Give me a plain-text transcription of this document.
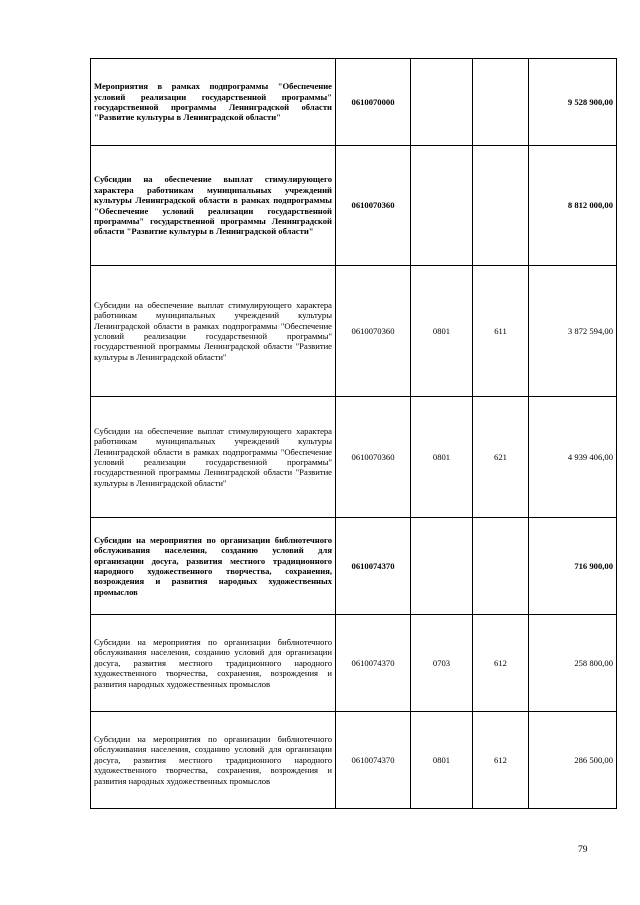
Мероприятия в рамках подпрограммы "Обеспечение условий реализации государственной программы" государственной программы Ленинградской области "Развитие культуры в Ленинградской области"	0610070000			9 528 900,00
Субсидии на обеспечение выплат стимулирующего характера работникам муниципальных учреждений культуры Ленинградской области в рамках подпрограммы "Обеспечение условий реализации государственной программы" государственной программы Ленинградской области "Развитие культуры в Ленинградской области"	0610070360			8 812 000,00
Субсидии на обеспечение выплат стимулирующего характера работникам муниципальных учреждений культуры Ленинградской области в рамках подпрограммы "Обеспечение условий реализации государственной программы" государственной программы Ленинградской области "Развитие культуры в Ленинградской области"	0610070360	0801	611	3 872 594,00
Субсидии на обеспечение выплат стимулирующего характера работникам муниципальных учреждений культуры Ленинградской области в рамках подпрограммы "Обеспечение условий реализации государственной программы" государственной программы Ленинградской области "Развитие культуры в Ленинградской области"	0610070360	0801	621	4 939 406,00
Субсидии на мероприятия по организации библиотечного обслуживания населения, созданию условий для организации досуга, развития местного традиционного народного художественного творчества, сохранения, возрождения и развития народных художественных промыслов	0610074370			716 900,00
Субсидии на мероприятия по организации библиотечного обслуживания населения, созданию условий для организации досуга, развития местного традиционного народного художественного творчества, сохранения, возрождения и развития народных художественных промыслов	0610074370	0703	612	258 800,00
Субсидии на мероприятия по организации библиотечного обслуживания населения, созданию условий для организации досуга, развития местного традиционного народного художественного творчества, сохранения, возрождения и развития народных художественных промыслов	0610074370	0801	612	286 500,00
79
